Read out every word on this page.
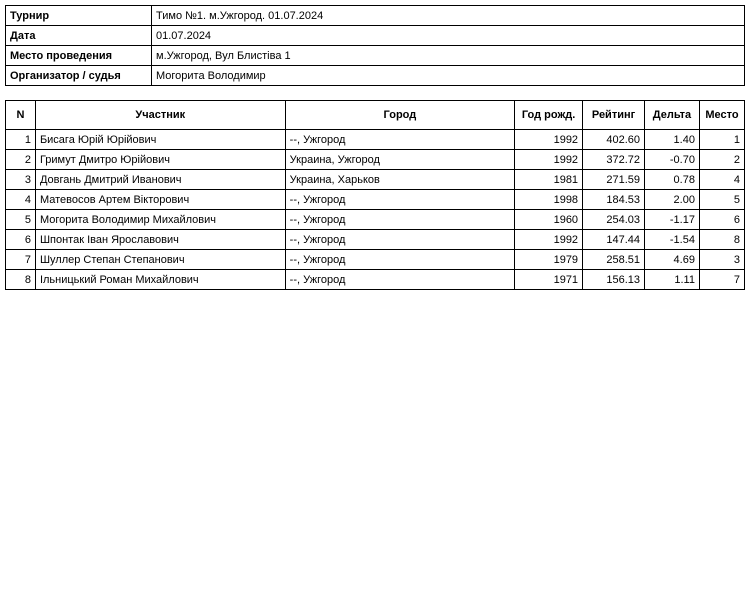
Турнир	Тимо №1. м.Ужгород. 01.07.2024
Дата	01.07.2024
Место проведения	м.Ужгород, Вул Блистіва 1
Организатор / судья	Могорита Володимир
N	Участник	Город	Год рожд.	Рейтинг	Дельта	Место
1	Бисага Юрій Юрійович	--, Ужгород	1992	402.60	1.40	1
2	Гримут Дмитро Юрійович	Украина, Ужгород	1992	372.72	-0.70	2
3	Довгань Дмитрий Иванович	Украина, Харьков	1981	271.59	0.78	4
4	Матевосов Артем Вікторович	--, Ужгород	1998	184.53	2.00	5
5	Могорита Володимир Михайлович	--, Ужгород	1960	254.03	-1.17	6
6	Шпонтак Іван Ярославович	--, Ужгород	1992	147.44	-1.54	8
7	Шуллер Степан Степанович	--, Ужгород	1979	258.51	4.69	3
8	Ільницький Роман Михайлович	--, Ужгород	1971	156.13	1.11	7
